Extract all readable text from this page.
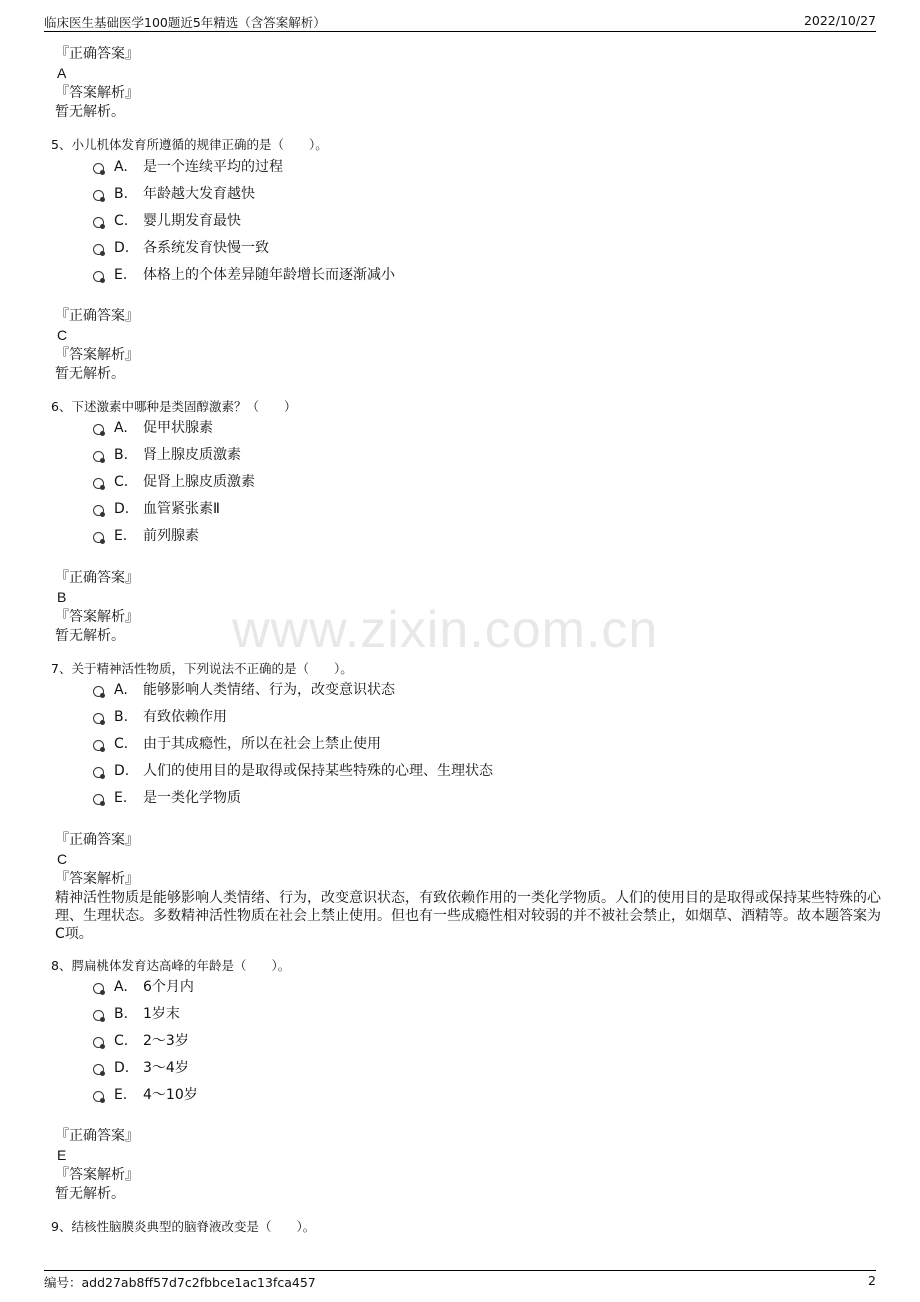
临床医生基础医学100题近5年精选（含答案解析）	2022/10/27
www.zixin.com.cn
『正确答案』
A
『答案解析』
暂无解析。
5、小儿机体发育所遵循的规律正确的是（　　）。
A. 是一个连续平均的过程
B. 年龄越大发育越快
C. 婴儿期发育最快
D. 各系统发育快慢一致
E. 体格上的个体差异随年龄增长而逐渐减小
『正确答案』
C
『答案解析』
暂无解析。
6、下述激素中哪种是类固醇激素？（　　）
A. 促甲状腺素
B. 肾上腺皮质激素
C. 促肾上腺皮质激素
D. 血管紧张素Ⅱ
E. 前列腺素
『正确答案』
B
『答案解析』
暂无解析。
7、关于精神活性物质，下列说法不正确的是（　　）。
A. 能够影响人类情绪、行为，改变意识状态
B. 有致依赖作用
C. 由于其成瘾性，所以在社会上禁止使用
D. 人们的使用目的是取得或保持某些特殊的心理、生理状态
E. 是一类化学物质
『正确答案』
C
『答案解析』
精神活性物质是能够影响人类情绪、行为，改变意识状态，有致依赖作用的一类化学物质。人们的使用目的是取得或保持某些特殊的心理、生理状态。多数精神活性物质在社会上禁止使用。但也有一些成瘾性相对较弱的并不被社会禁止，如烟草、酒精等。故本题答案为C项。
8、腭扁桃体发育达高峰的年龄是（　　）。
A. 6个月内
B. 1岁末
C. 2～3岁
D. 3～4岁
E. 4～10岁
『正确答案』
E
『答案解析』
暂无解析。
9、结核性脑膜炎典型的脑脊液改变是（　　）。
编号：add27ab8ff57d7c2fbbce1ac13fca457	2
